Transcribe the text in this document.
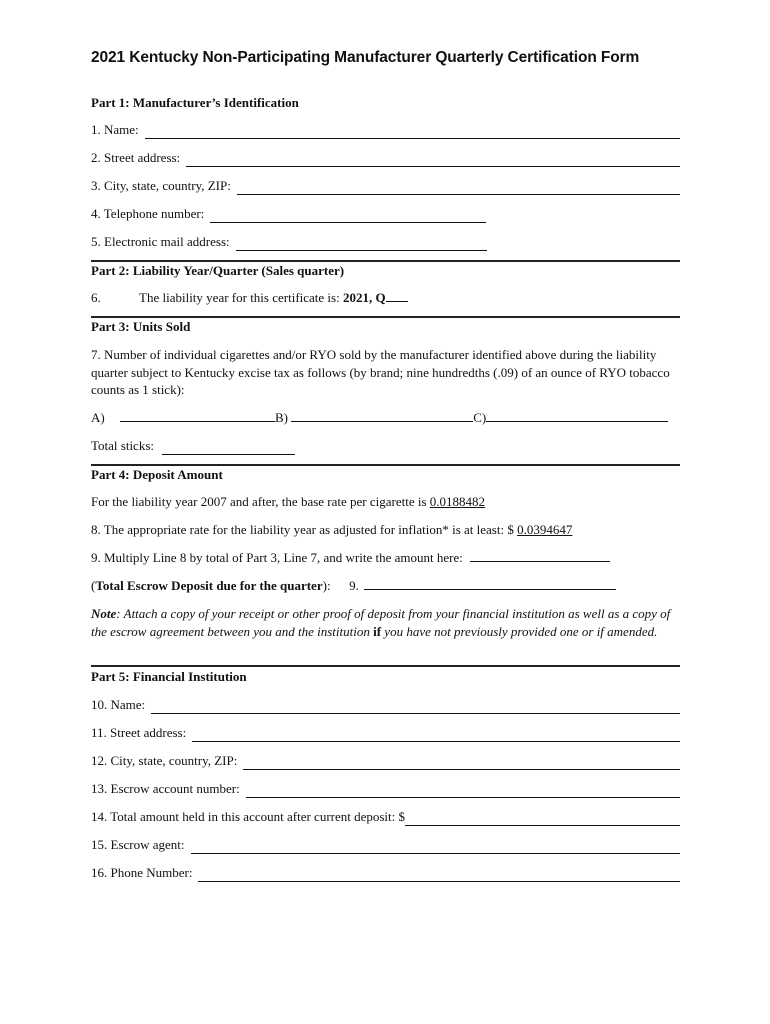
2021 Kentucky Non-Participating Manufacturer Quarterly Certification Form
Part 1: Manufacturer’s Identification
1. Name:
2. Street address:
3. City, state, country, ZIP:
4. Telephone number:
5. Electronic mail address:
Part 2: Liability Year/Quarter (Sales quarter)
6.	The liability year for this certificate is: 2021, Q
Part 3: Units Sold
7. Number of individual cigarettes and/or RYO sold by the manufacturer identified above during the liability quarter subject to Kentucky excise tax as follows (by brand; nine hundredths (.09) of an ounce of RYO tobacco counts as 1 stick):
A)	B)	C)
Total sticks:
Part 4: Deposit Amount
For the liability year 2007 and after, the base rate per cigarette is 0.0188482
8. The appropriate rate for the liability year as adjusted for inflation* is at least: $ 0.0394647
9. Multiply Line 8 by total of Part 3, Line 7, and write the amount here:
(Total Escrow Deposit due for the quarter): 9.
Note: Attach a copy of your receipt or other proof of deposit from your financial institution as well as a copy of the escrow agreement between you and the institution if you have not previously provided one or if amended.
Part 5: Financial Institution
10. Name:
11. Street address:
12. City, state, country, ZIP:
13. Escrow account number:
14. Total amount held in this account after current deposit: $
15. Escrow agent:
16. Phone Number:
